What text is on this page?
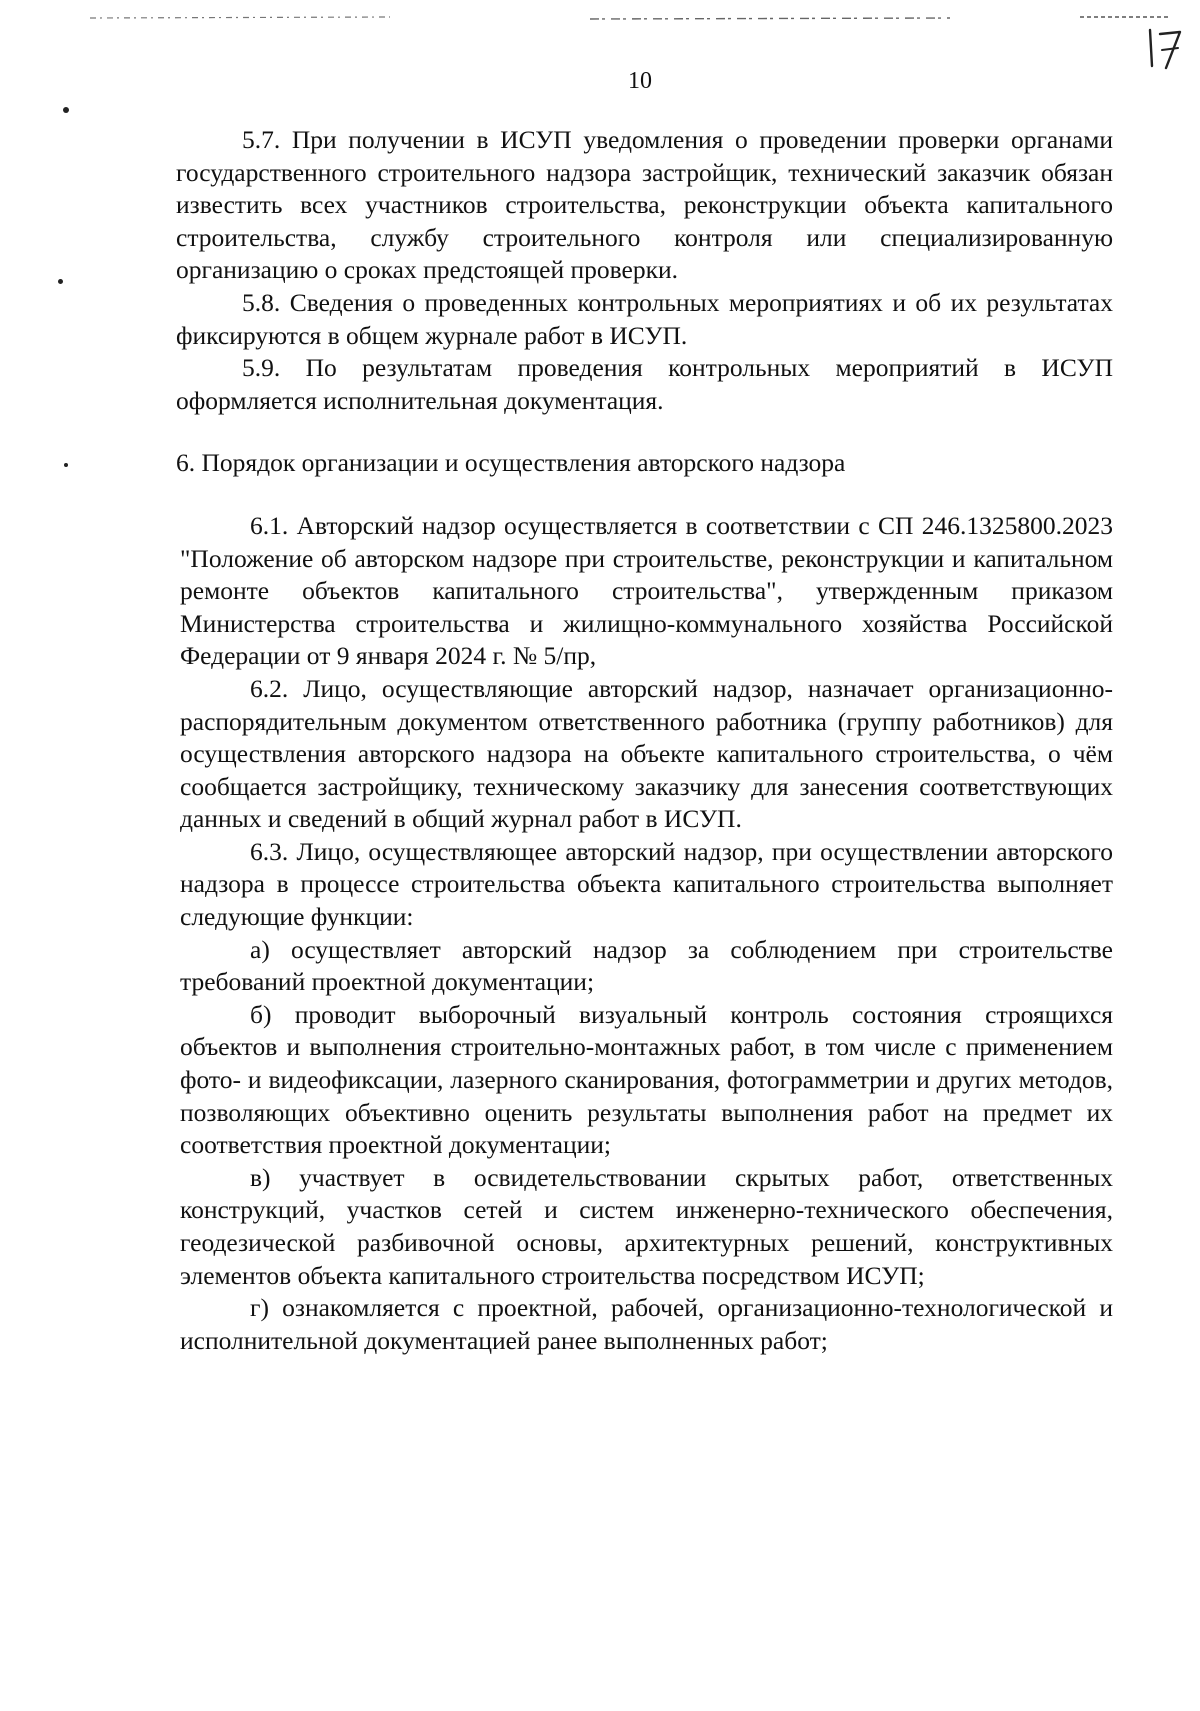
10

5.7. При получении в ИСУП уведомления о проведении проверки органами государственного строительного надзора застройщик, технический заказчик обязан известить всех участников строительства, реконструкции объекта капитального строительства, службу строительного контроля или специализированную организацию о сроках предстоящей проверки.

5.8. Сведения о проведенных контрольных мероприятиях и об их результатах фиксируются в общем журнале работ в ИСУП.

5.9. По результатам проведения контрольных мероприятий в ИСУП оформляется исполнительная документация.

6. Порядок организации и осуществления авторского надзора

6.1. Авторский надзор осуществляется в соответствии с СП 246.1325800.2023 "Положение об авторском надзоре при строительстве, реконструкции и капитальном ремонте объектов капитального строительства", утвержденным приказом Министерства строительства и жилищно-коммунального хозяйства Российской Федерации от 9 января 2024 г. № 5/пр,

6.2. Лицо, осуществляющие авторский надзор, назначает организационно-распорядительным документом ответственного работника (группу работников) для осуществления авторского надзора на объекте капитального строительства, о чём сообщается застройщику, техническому заказчику для занесения соответствующих данных и сведений в общий журнал работ в ИСУП.

6.3. Лицо, осуществляющее авторский надзор, при осуществлении авторского надзора в процессе строительства объекта капитального строительства выполняет следующие функции:

а) осуществляет авторский надзор за соблюдением при строительстве требований проектной документации;

б) проводит выборочный визуальный контроль состояния строящихся объектов и выполнения строительно-монтажных работ, в том числе с применением фото- и видеофиксации, лазерного сканирования, фотограмметрии и других методов, позволяющих объективно оценить результаты выполнения работ на предмет их соответствия проектной документации;

в) участвует в освидетельствовании скрытых работ, ответственных конструкций, участков сетей и систем инженерно-технического обеспечения, геодезической разбивочной основы, архитектурных решений, конструктивных элементов объекта капитального строительства посредством ИСУП;

г) ознакомляется с проектной, рабочей, организационно-технологической и исполнительной документацией ранее выполненных работ;
